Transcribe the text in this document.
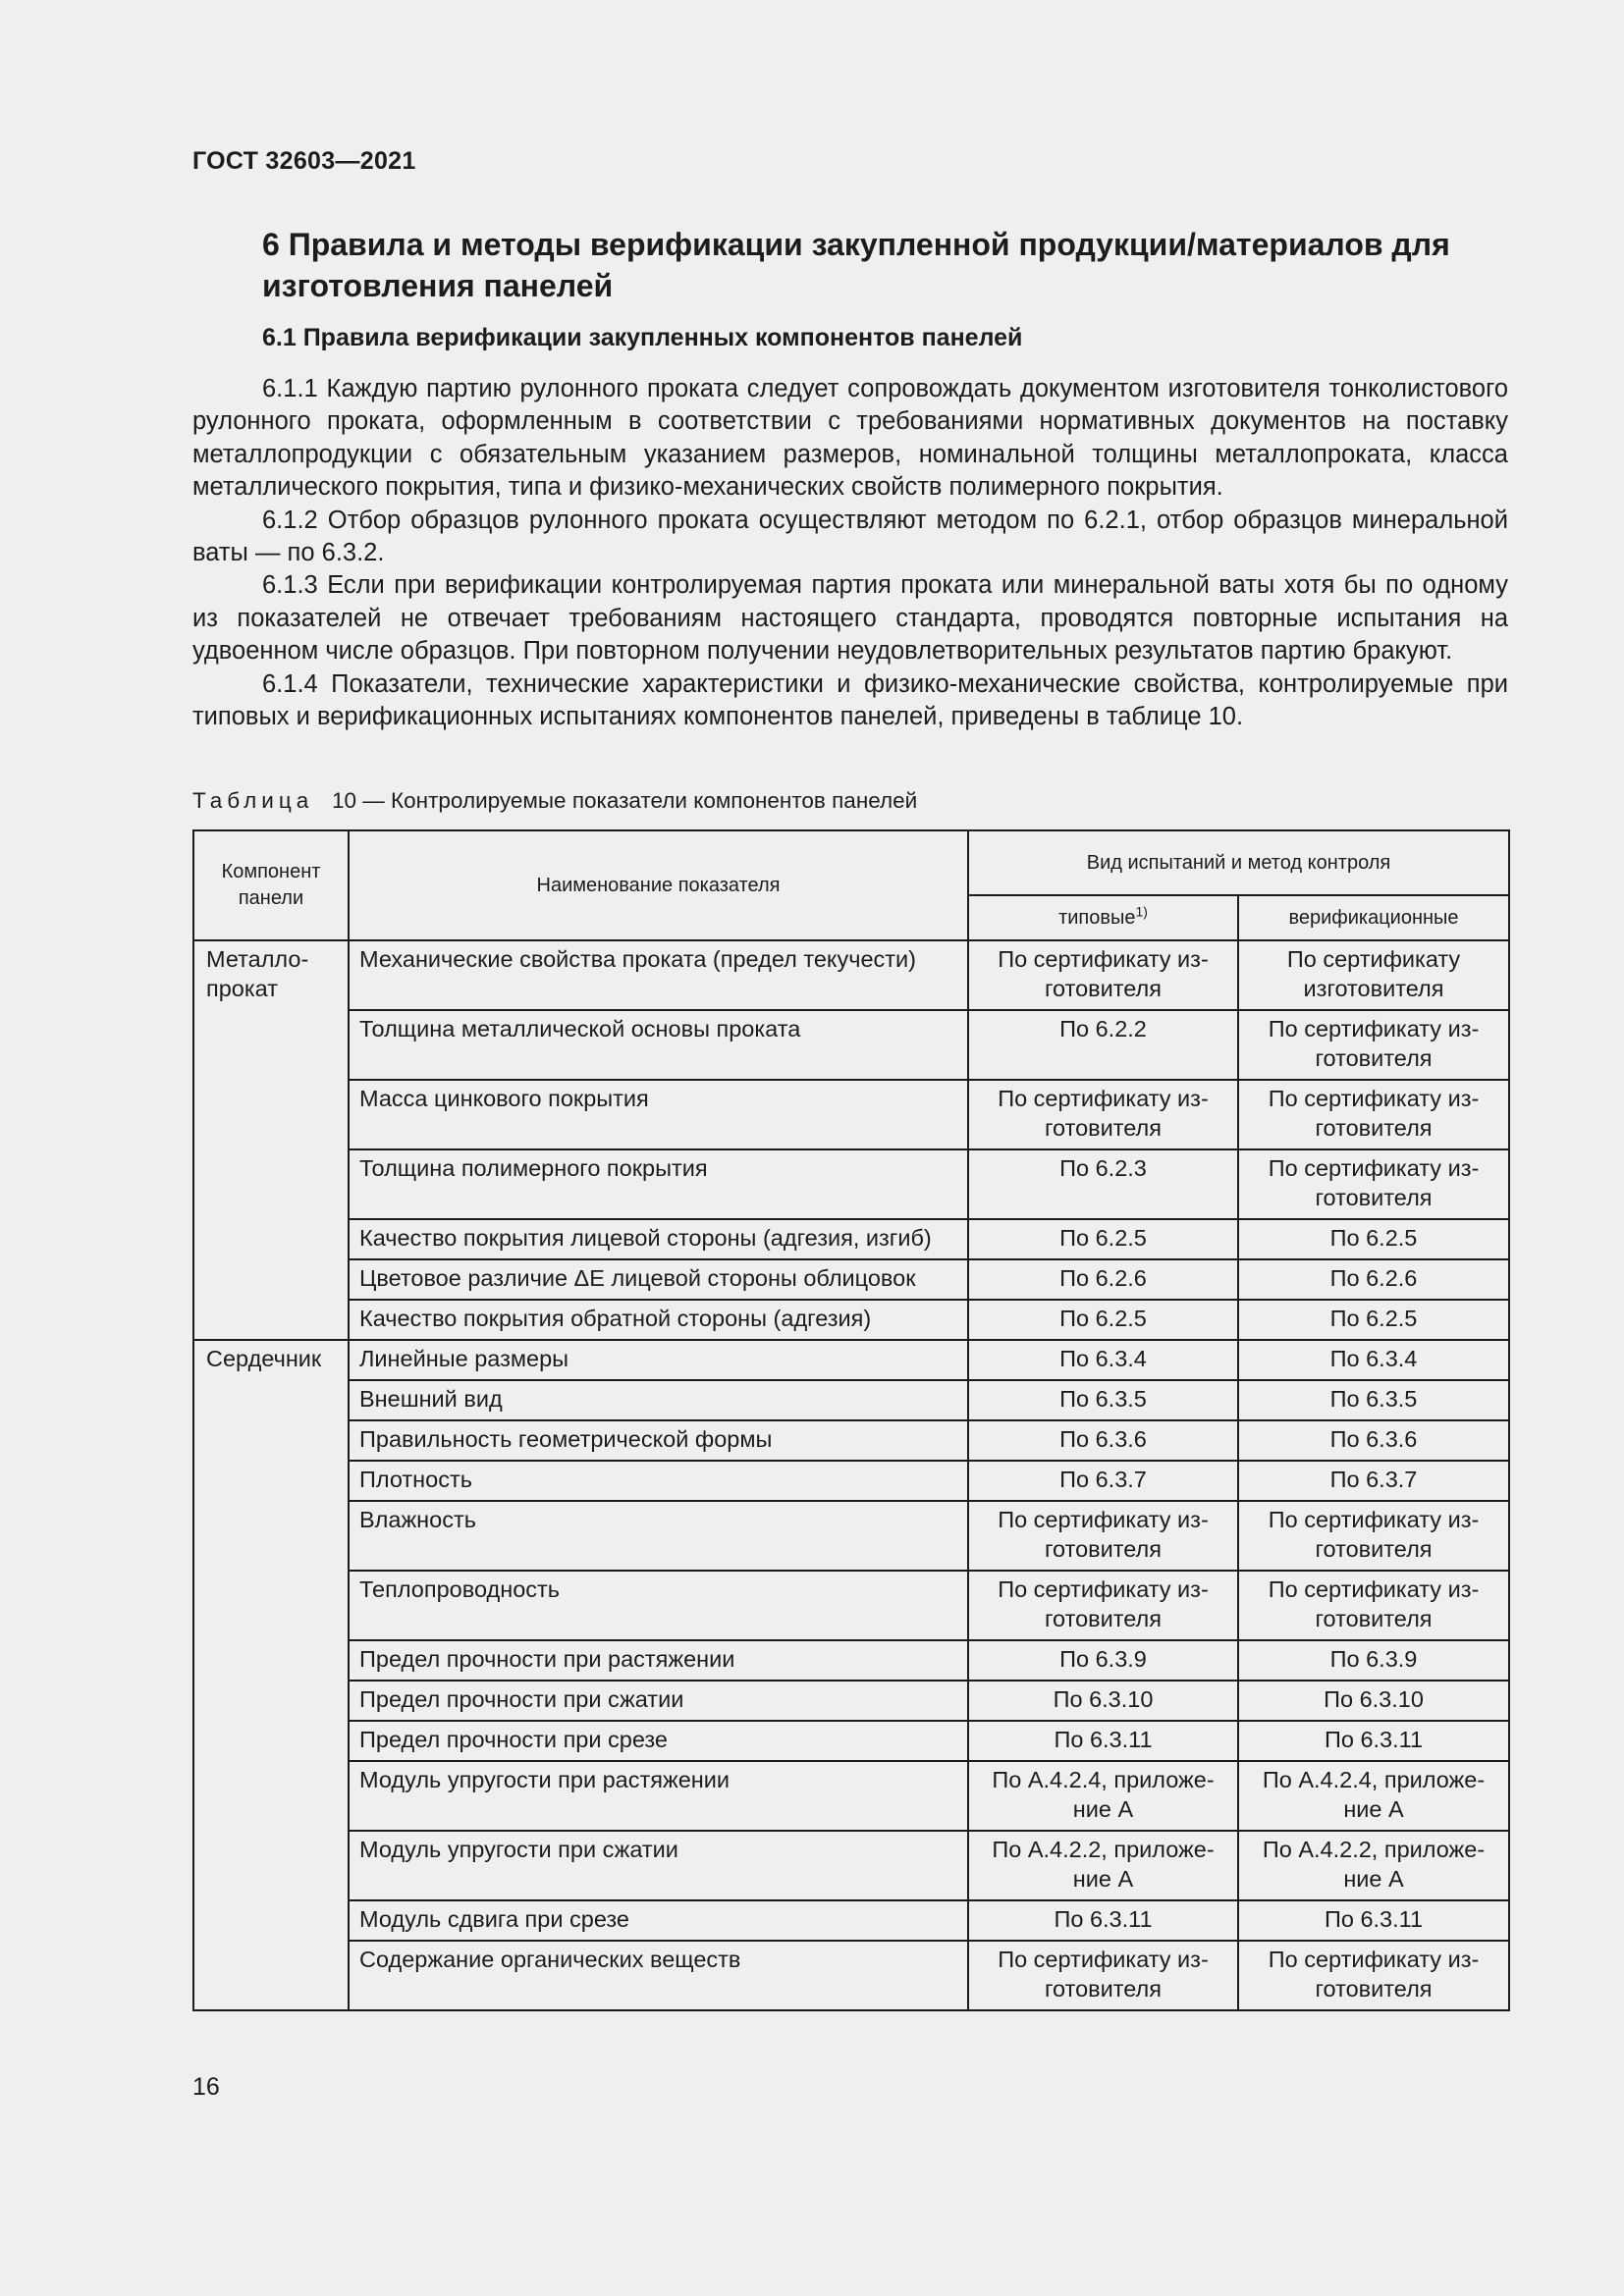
ГОСТ 32603—2021
6 Правила и методы верификации закупленной продукции/материалов для изготовления панелей
6.1 Правила верификации закупленных компонентов панелей

6.1.1 Каждую партию рулонного проката следует сопровождать документом изготовителя тонколистового рулонного проката, оформленным в соответствии с требованиями нормативных документов на поставку металлопродукции с обязательным указанием размеров, номинальной толщины металлопроката, класса металлического покрытия, типа и физико-механических свойств полимерного покрытия.

6.1.2 Отбор образцов рулонного проката осуществляют методом по 6.2.1, отбор образцов минеральной ваты — по 6.3.2.

6.1.3 Если при верификации контролируемая партия проката или минеральной ваты хотя бы по одному из показателей не отвечает требованиям настоящего стандарта, проводятся повторные испытания на удвоенном числе образцов. При повторном получении неудовлетворительных результатов партию бракуют.

6.1.4 Показатели, технические характеристики и физико-механические свойства, контролируемые при типовых и верификационных испытаниях компонентов панелей, приведены в таблице 10.

Таблица 10 — Контролируемые показатели компонентов панелей
Компонент панели	Наименование показателя	Вид испытаний и метод контроля	
		типовые$^{1)}$	верификационные
Металло-прокат	Механические свойства проката (предел текучести)	По сертификату из-готовителя	По сертификату изготовителя
	Толщина металлической основы проката	По 6.2.2	По сертификату из-готовителя
	Масса цинкового покрытия	По сертификату из-готовителя	По сертификату из-готовителя
	Толщина полимерного покрытия	По 6.2.3	По сертификату из-готовителя
	Качество покрытия лицевой стороны (адгезия, изгиб)	По 6.2.5	По 6.2.5
	Цветовое различие ΔE лицевой стороны облицовок	По 6.2.6	По 6.2.6
	Качество покрытия обратной стороны (адгезия)	По 6.2.5	По 6.2.5
Сердечник	Линейные размеры	По 6.3.4	По 6.3.4
	Внешний вид	По 6.3.5	По 6.3.5
	Правильность геометрической формы	По 6.3.6	По 6.3.6
	Плотность	По 6.3.7	По 6.3.7
	Влажность	По сертификату из-готовителя	По сертификату из-готовителя
	Теплопроводность	По сертификату из-готовителя	По сертификату из-готовителя
	Предел прочности при растяжении	По 6.3.9	По 6.3.9
	Предел прочности при сжатии	По 6.3.10	По 6.3.10
	Предел прочности при срезе	По 6.3.11	По 6.3.11
	Модуль упругости при растяжении	По А.4.2.4, приложе-ние А	По А.4.2.4, приложе-ние А
	Модуль упругости при сжатии	По А.4.2.2, приложе-ние А	По А.4.2.2, приложе-ние А
	Модуль сдвига при срезе	По 6.3.11	По 6.3.11
	Содержание органических веществ	По сертификату из-готовителя	По сертификату из-готовителя
16
